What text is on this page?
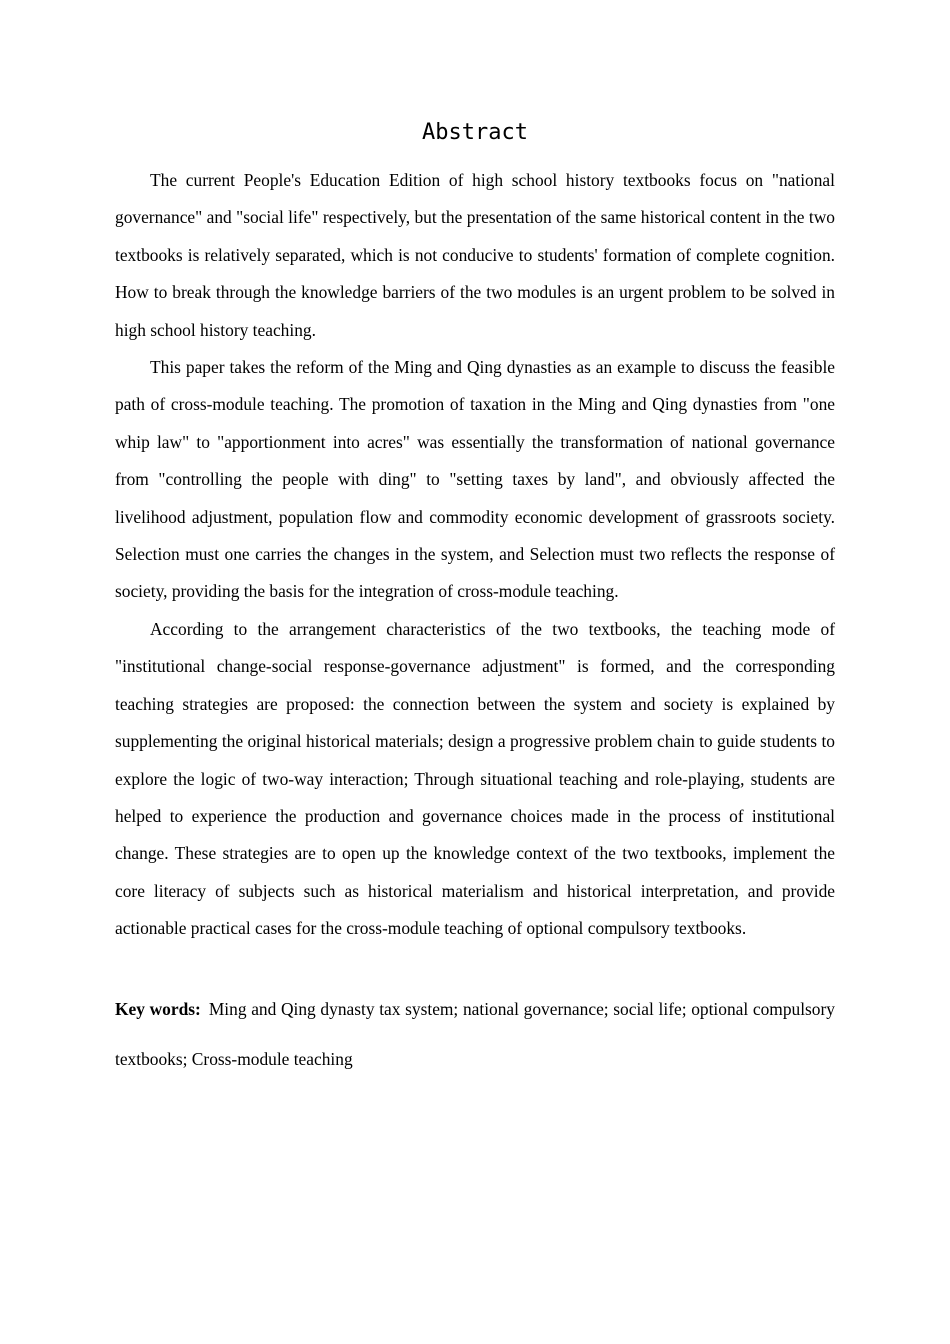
Abstract

The current People's Education Edition of high school history textbooks focus on "national governance" and "social life" respectively, but the presentation of the same historical content in the two textbooks is relatively separated, which is not conducive to students' formation of complete cognition. How to break through the knowledge barriers of the two modules is an urgent problem to be solved in high school history teaching.

This paper takes the reform of the Ming and Qing dynasties as an example to discuss the feasible path of cross-module teaching. The promotion of taxation in the Ming and Qing dynasties from "one whip law" to "apportionment into acres" was essentially the transformation of national governance from "controlling the people with ding" to "setting taxes by land", and obviously affected the livelihood adjustment, population flow and commodity economic development of grassroots society. Selection must one carries the changes in the system, and Selection must two reflects the response of society, providing the basis for the integration of cross-module teaching.

According to the arrangement characteristics of the two textbooks, the teaching mode of "institutional change-social response-governance adjustment" is formed, and the corresponding teaching strategies are proposed: the connection between the system and society is explained by supplementing the original historical materials; design a progressive problem chain to guide students to explore the logic of two-way interaction; Through situational teaching and role-playing, students are helped to experience the production and governance choices made in the process of institutional change. These strategies are to open up the knowledge context of the two textbooks, implement the core literacy of subjects such as historical materialism and historical interpretation, and provide actionable practical cases for the cross-module teaching of optional compulsory textbooks.

Key words: Ming and Qing dynasty tax system; national governance; social life; optional compulsory textbooks; Cross-module teaching
